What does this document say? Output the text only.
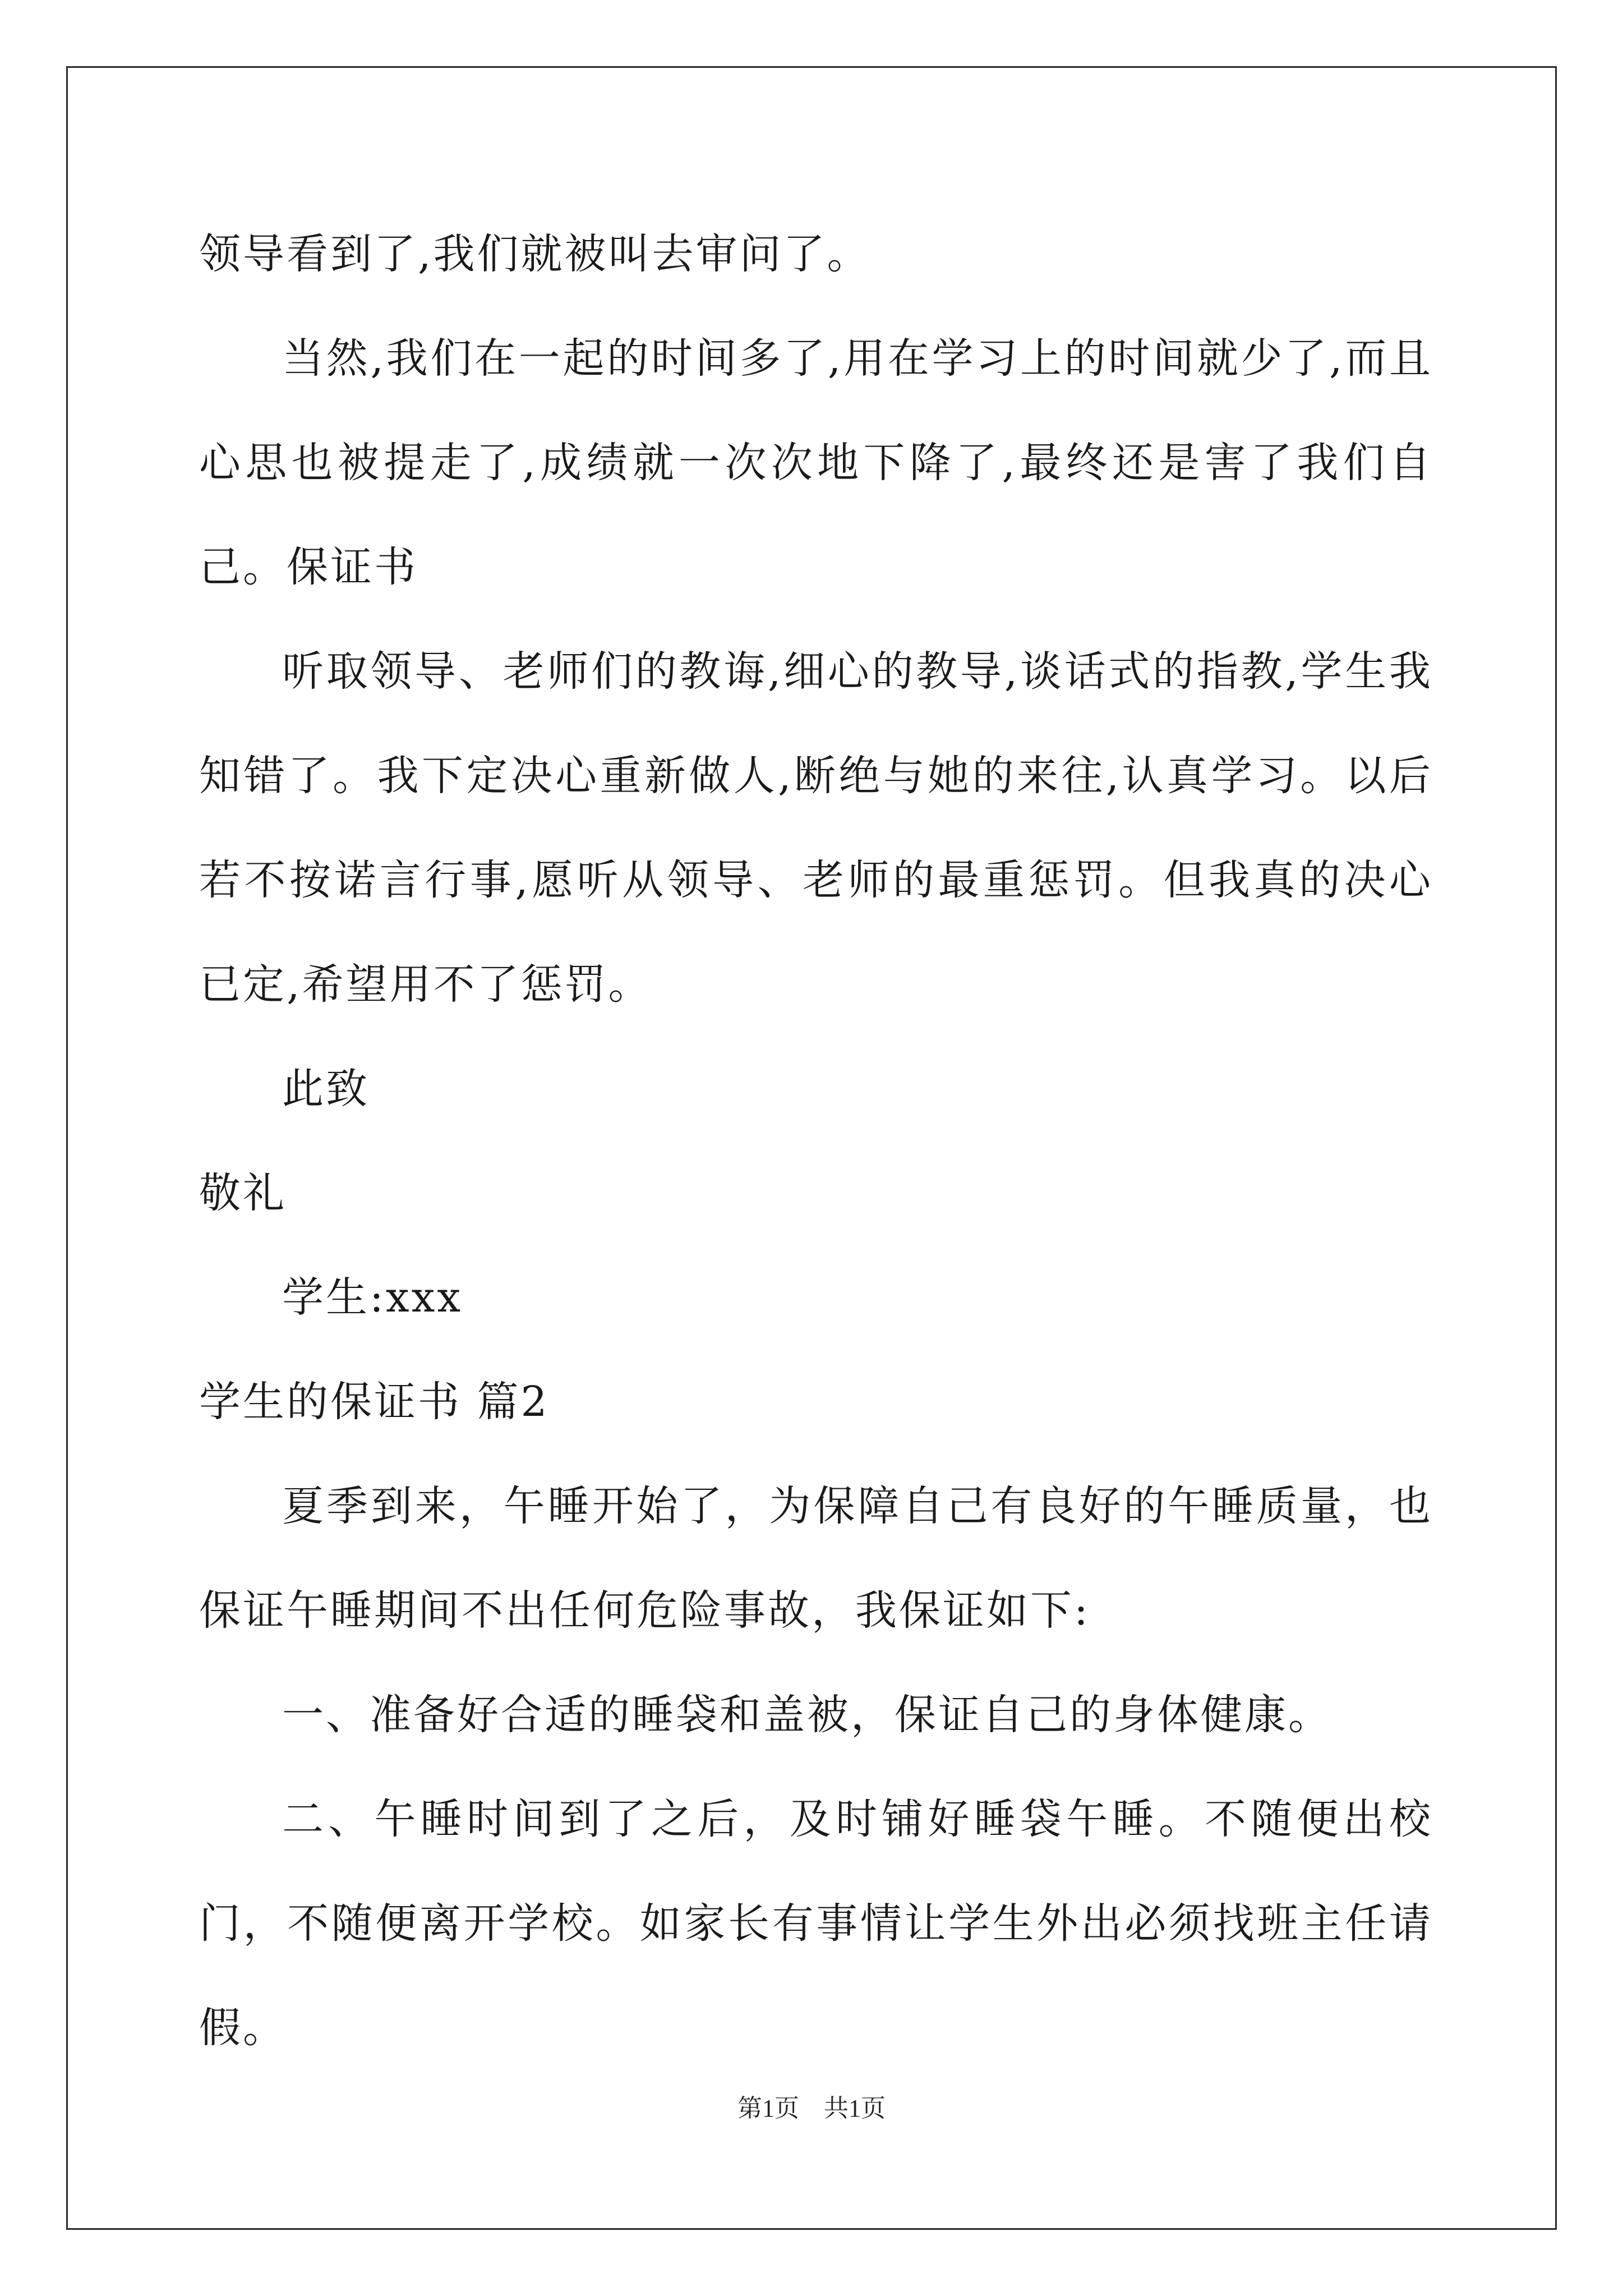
领导看到了,我们就被叫去审问了。

当然,我们在一起的时间多了,用在学习上的时间就少了,而且心思也被提走了,成绩就一次次地下降了,最终还是害了我们自己。保证书

听取领导、老师们的教诲,细心的教导,谈话式的指教,学生我知错了。我下定决心重新做人,断绝与她的来往,认真学习。以后若不按诺言行事,愿听从领导、老师的最重惩罚。但我真的决心已定,希望用不了惩罚。

此致

敬礼

学生:xxx

学生的保证书 篇2

夏季到来，午睡开始了，为保障自己有良好的午睡质量，也保证午睡期间不出任何危险事故，我保证如下:

一、准备好合适的睡袋和盖被，保证自己的身体健康。

二、午睡时间到了之后，及时铺好睡袋午睡。不随便出校门，不随便离开学校。如家长有事情让学生外出必须找班主任请假。

第1页　共1页
